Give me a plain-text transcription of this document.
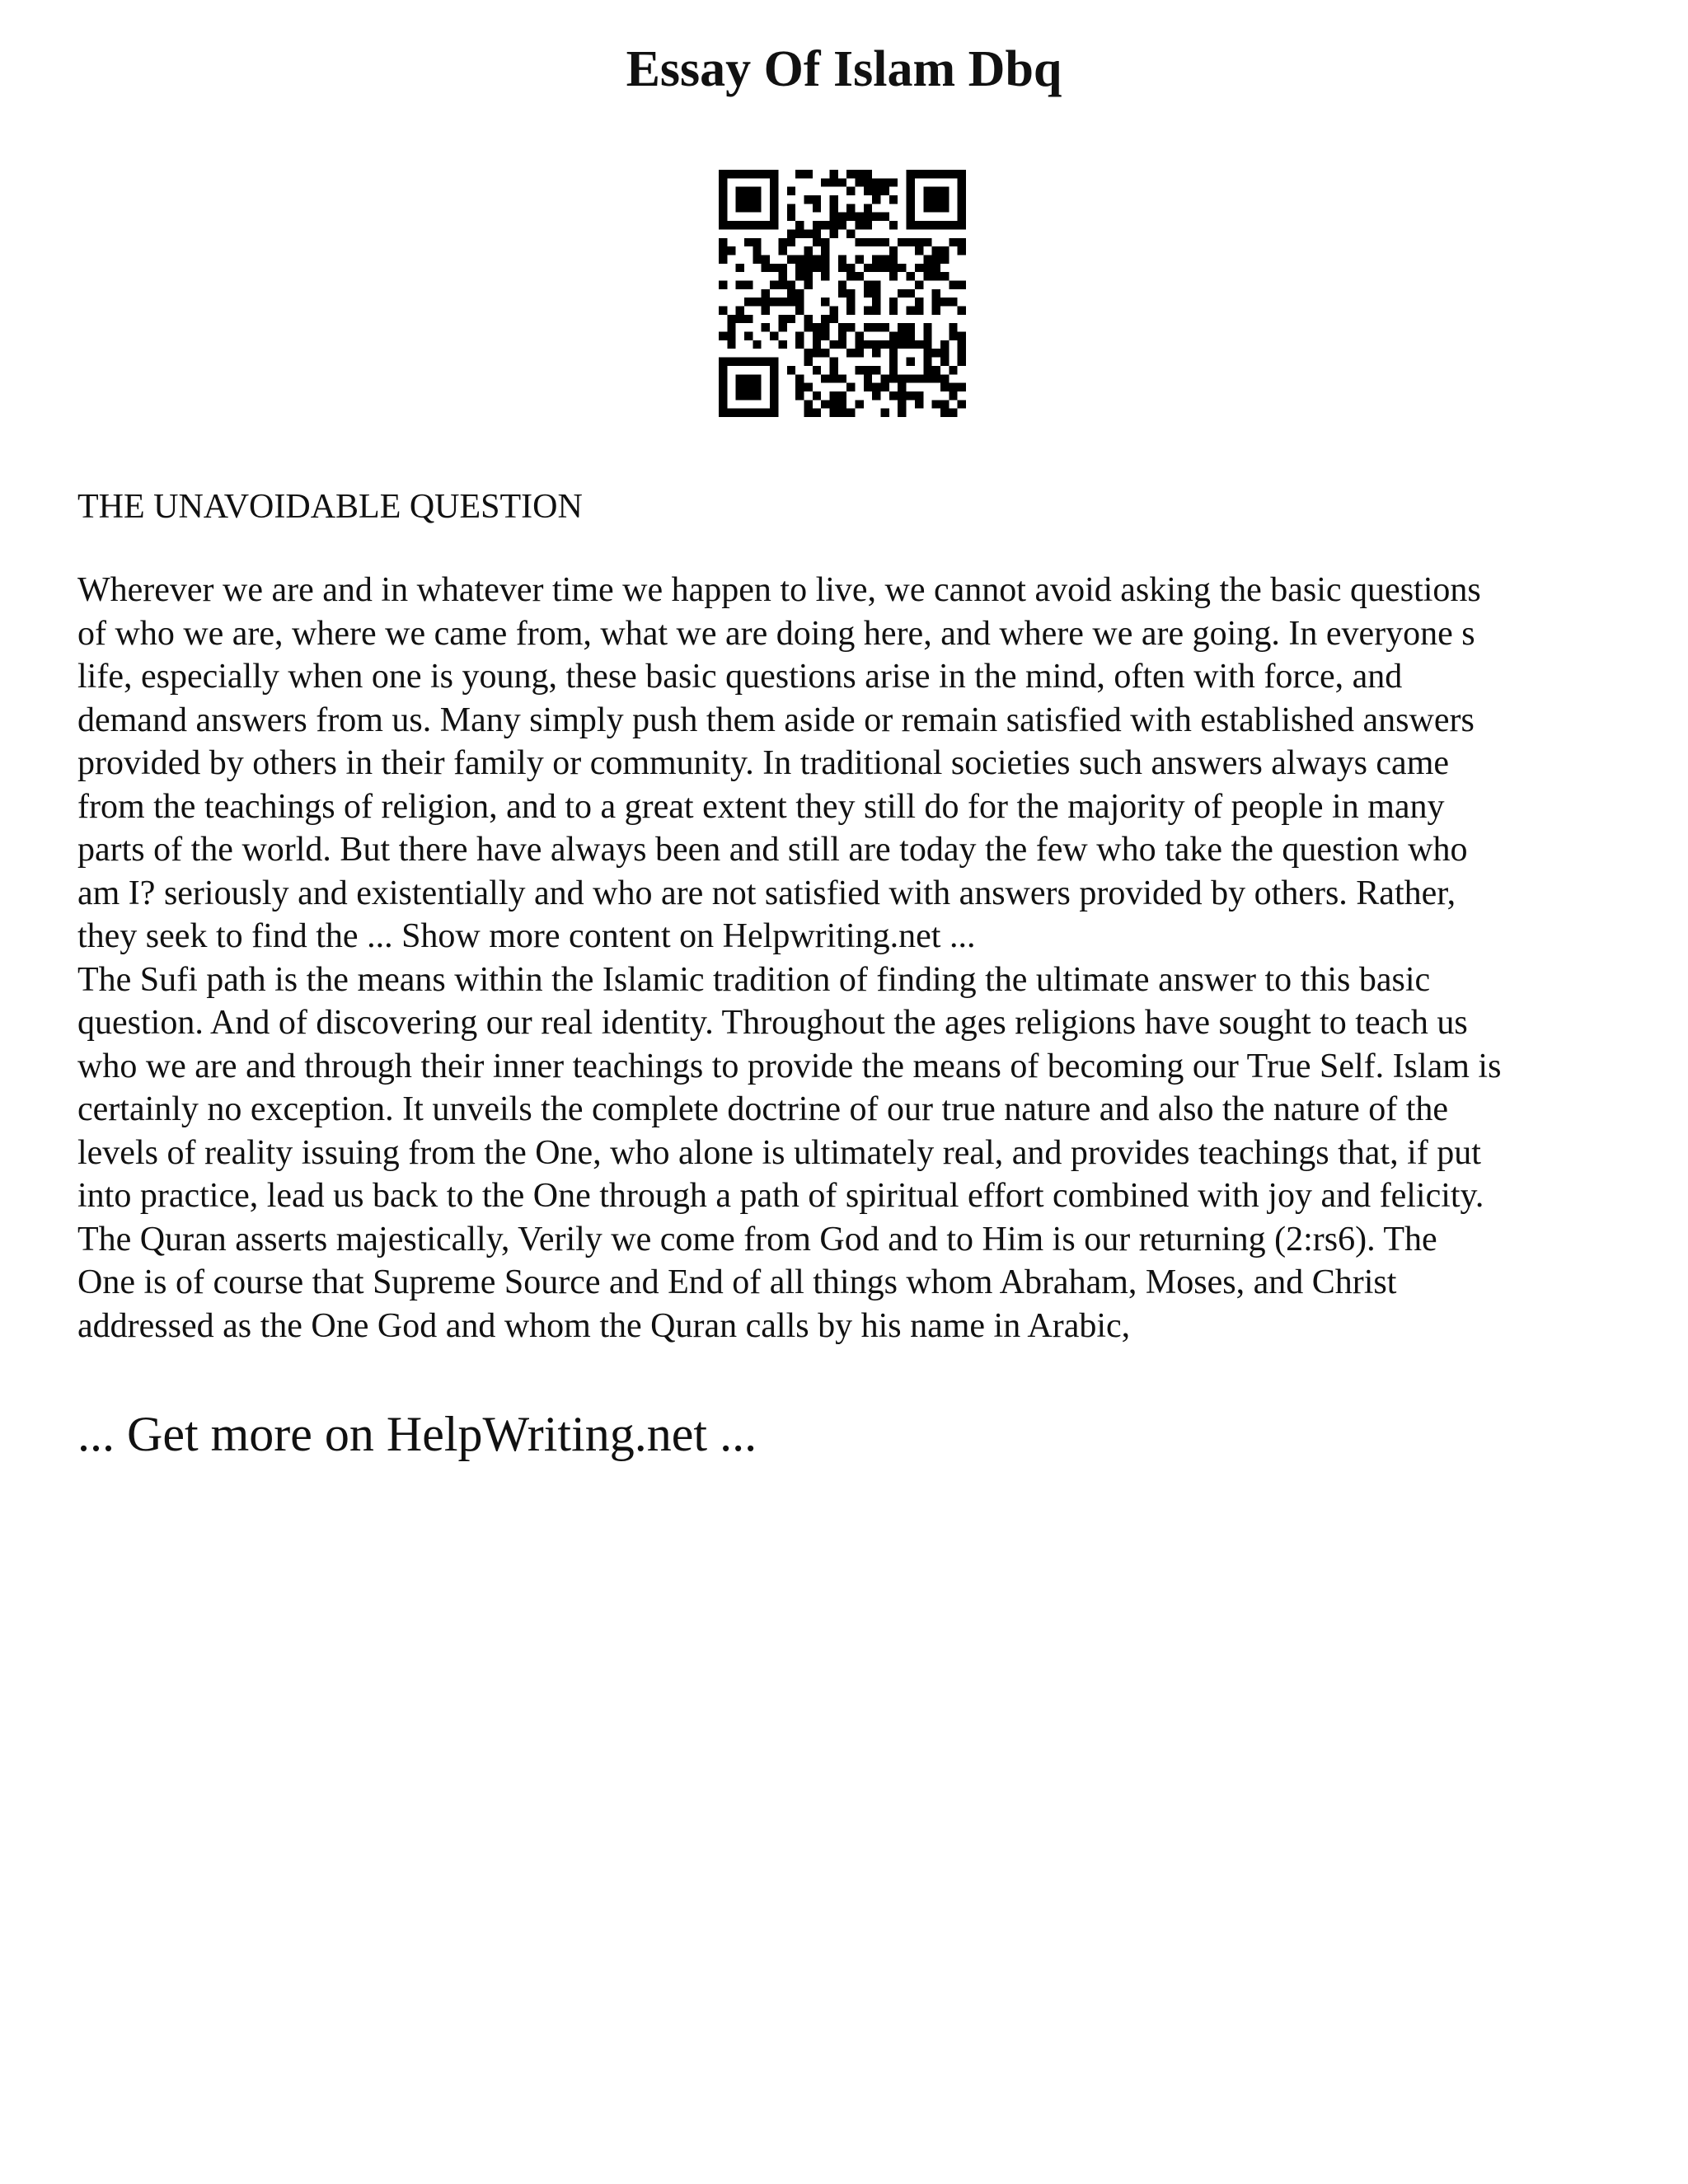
Essay Of Islam Dbq
THE UNAVOIDABLE QUESTION

Wherever we are and in whatever time we happen to live, we cannot avoid asking the basic questions

of who we are, where we came from, what we are doing here, and where we are going. In everyone s

life, especially when one is young, these basic questions arise in the mind, often with force, and

demand answers from us. Many simply push them aside or remain satisfied with established answers

provided by others in their family or community. In traditional societies such answers always came

from the teachings of religion, and to a great extent they still do for the majority of people in many

parts of the world. But there have always been and still are today the few who take the question who

am I? seriously and existentially and who are not satisfied with answers provided by others. Rather,

they seek to find the ... Show more content on Helpwriting.net ...

The Sufi path is the means within the Islamic tradition of finding the ultimate answer to this basic

question. And of discovering our real identity. Throughout the ages religions have sought to teach us

who we are and through their inner teachings to provide the means of becoming our True Self. Islam is

certainly no exception. It unveils the complete doctrine of our true nature and also the nature of the

levels of reality issuing from the One, who alone is ultimately real, and provides teachings that, if put

into practice, lead us back to the One through a path of spiritual effort combined with joy and felicity.

The Quran asserts majestically, Verily we come from God and to Him is our returning (2:rs6). The

One is of course that Supreme Source and End of all things whom Abraham, Moses, and Christ

addressed as the One God and whom the Quran calls by his name in Arabic,

... Get more on HelpWriting.net ...
